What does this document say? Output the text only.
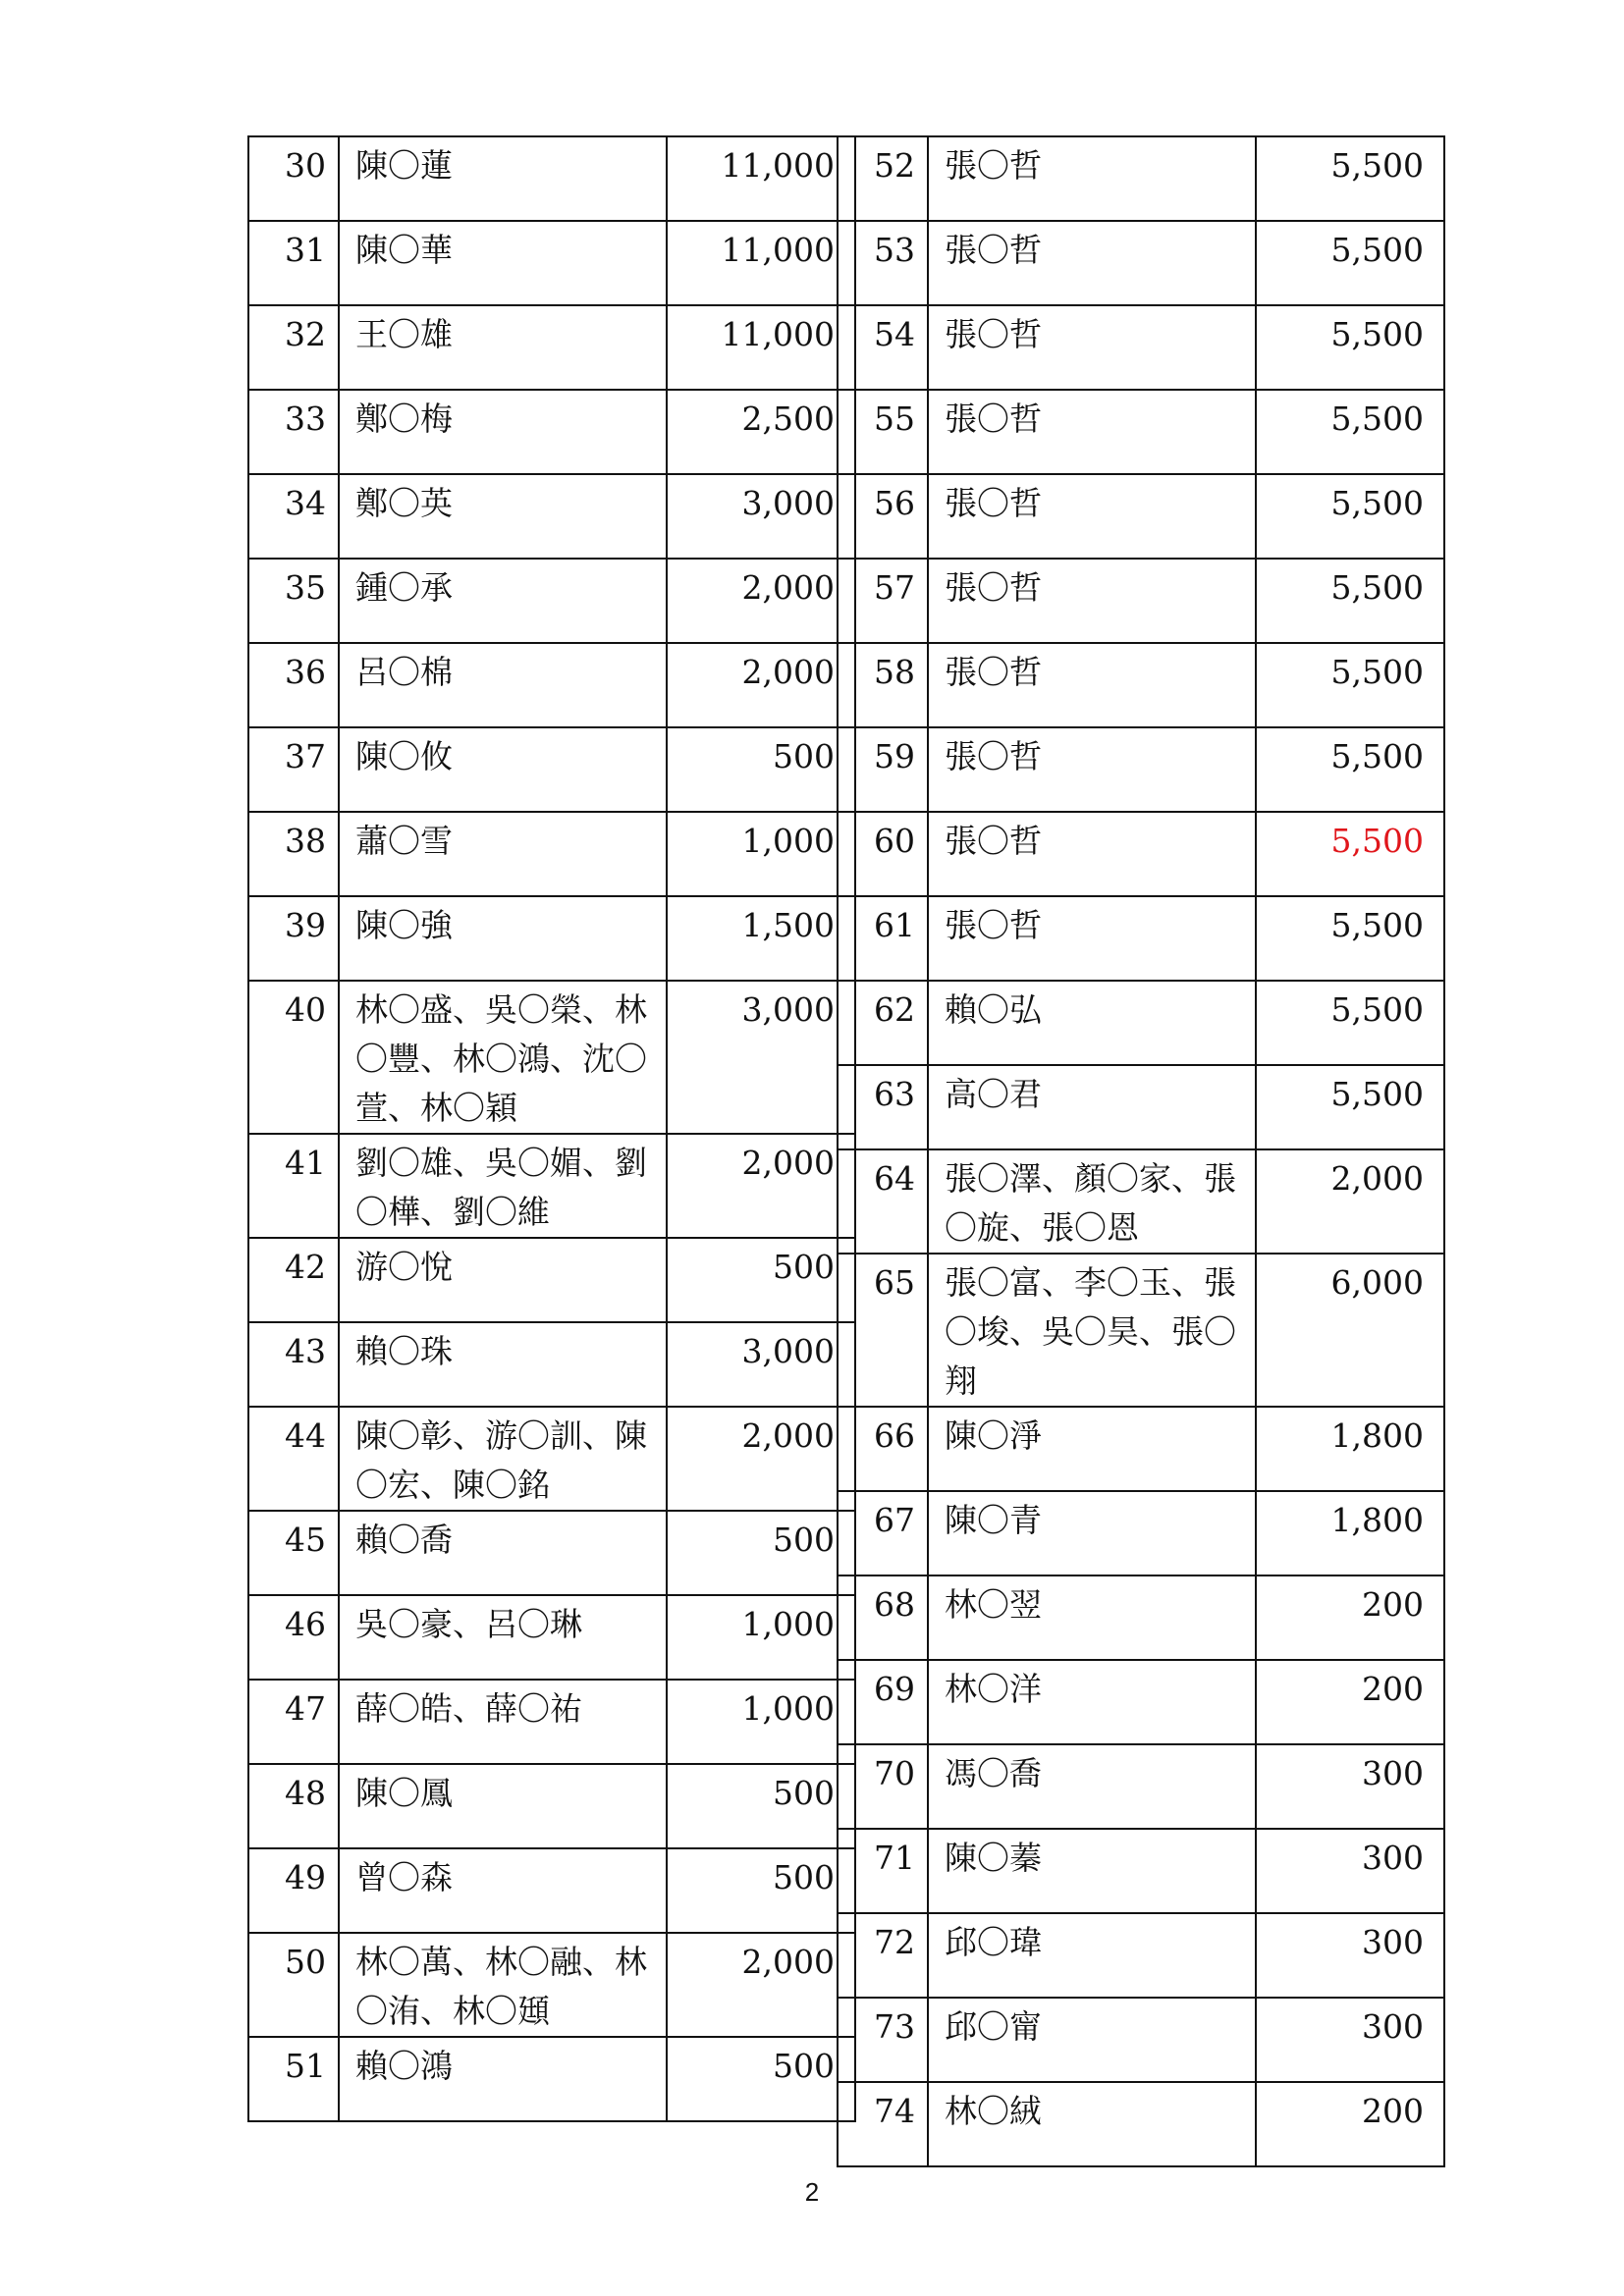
30	陳〇蓮	11,000

31	陳〇華	11,000

32	王〇雄	11,000

33	鄭〇梅	2,500

34	鄭〇英	3,000

35	鍾〇承	2,000

36	呂〇棉	2,000

37	陳〇攸	500

38	蕭〇雪	1,000

39	陳〇強	1,500

40	林〇盛、吳〇榮、林〇豐、林〇鴻、沈〇萱、林〇穎	3,000

41	劉〇雄、吳〇媚、劉〇樺、劉〇維	2,000

42	游〇悅	500

43	賴〇珠	3,000

44	陳〇彰、游〇訓、陳〇宏、陳〇銘	2,000

45	賴〇喬	500

46	吳〇豪、呂〇琳	1,000

47	薛〇皓、薛〇祐	1,000

48	陳〇鳳	500

49	曾〇森	500

50	林〇萬、林〇融、林〇洧、林〇頲	2,000

51	賴〇鴻	500
52	張〇哲	5,500

53	張〇哲	5,500

54	張〇哲	5,500

55	張〇哲	5,500

56	張〇哲	5,500

57	張〇哲	5,500

58	張〇哲	5,500

59	張〇哲	5,500

60	張〇哲	5,500

61	張〇哲	5,500

62	賴〇弘	5,500

63	高〇君	5,500

64	張〇澤、顏〇家、張〇旋、張〇恩	2,000

65	張〇富、李〇玉、張〇埈、吳〇昊、張〇翔	6,000

66	陳〇淨	1,800

67	陳〇青	1,800

68	林〇翌	200

69	林〇洋	200

70	馮〇喬	300

71	陳〇蓁	300

72	邱〇瑋	300

73	邱〇甯	300

74	林〇絨	200
2
